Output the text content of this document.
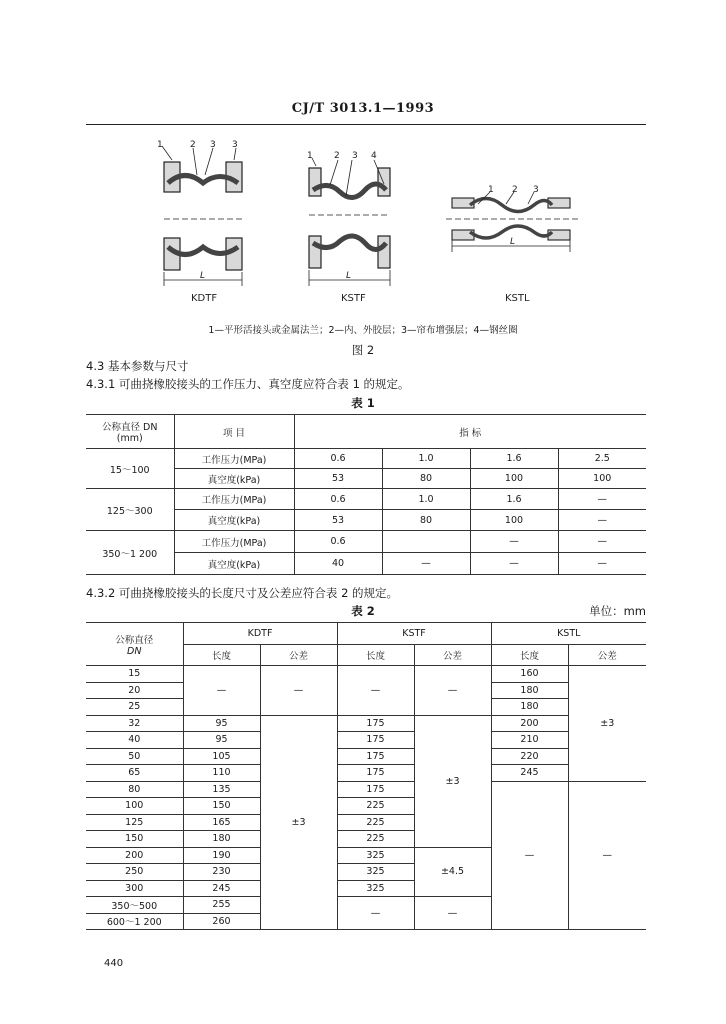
CJ/T 3013.1—1993
1	2 3 3
L
1 2 3 4
L
1 2 3
L
KDTF	KSTF	KSTL
1—平形活接头或金属法兰；2—内、外胶层；3—帘布增强层；4—钢丝圈
图 2
4.3 基本参数与尺寸
4.3.1 可曲挠橡胶接头的工作压力、真空度应符合表 1 的规定。
表 1
公称直径 DN
(mm)	项 目	指 标			
15～100	工作压力(MPa)	0.6	1.0	1.6	2.5
	真空度(kPa)	53	80	100	100
125～300	工作压力(MPa)	0.6	1.0	1.6	—
	真空度(kPa)	53	80	100	—
350～1 200	工作压力(MPa)	0.6		—	—
	真空度(kPa)	40	—	—	—
4.3.2 可曲挠橡胶接头的长度尺寸及公差应符合表 2 的规定。
表 2	单位：mm
公称直径
DN	KDTF		KSTF		KSTL	
	长度	公差	长度	公差	长度	公差
15	—	—	—	—	160	±3
20					180	
25					180	
32	95	±3	175	±3	200	
40	95		175		210	
50	105		175		220	
65	110		175		245	
80	135		175		—	—
100	150		225			
125	165		225			
150	180		225			
200	190		325	±4.5		
250	230		325			
300	245		325			
350～500	255		—	—		
600～1 200	260					
440
